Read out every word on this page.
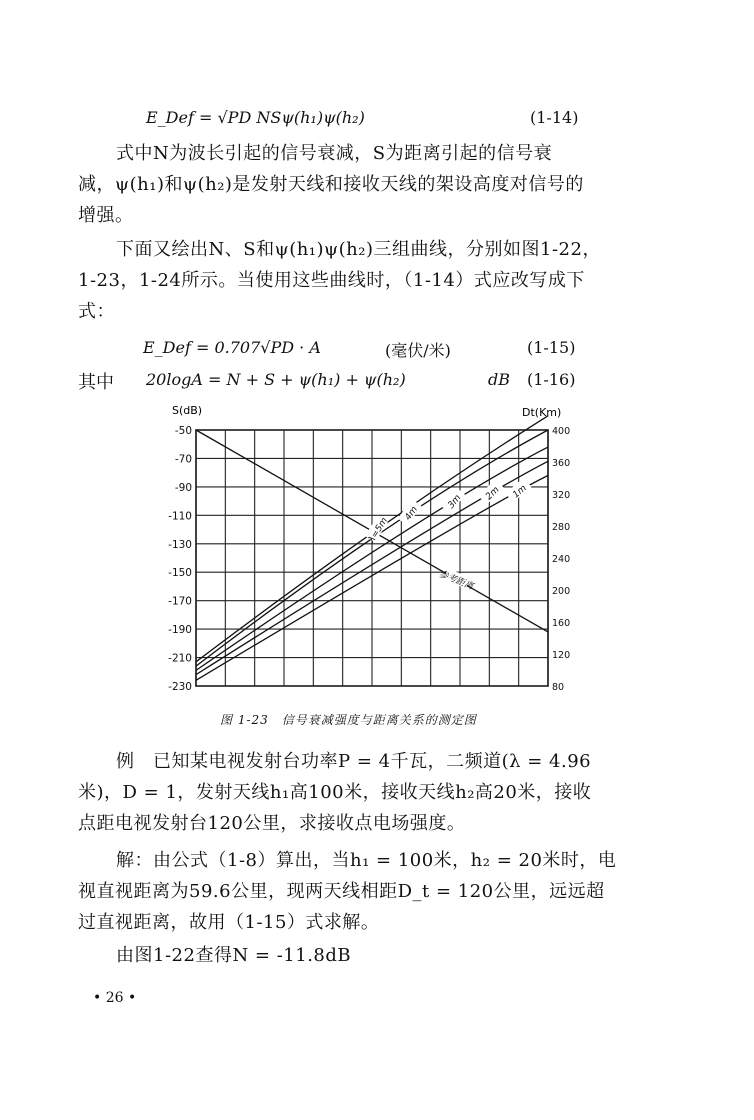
E_Def = √PD NSψ(h₁)ψ(h₂)	(1-14)
式中N为波长引起的信号衰减，S为距离引起的信号衰
减，ψ(h₁)和ψ(h₂)是发射天线和接收天线的架设高度对信号的
增强。
下面又绘出N、S和ψ(h₁)ψ(h₂)三组曲线，分别如图1-22，
1-23，1-24所示。当使用这些曲线时，（1-14）式应改写成下
式：
E_Def = 0.707√PD · A	(毫伏/米)	(1-15)
其中 20logA = N + S + ψ(h₁) + ψ(h₂)	dB (1-16)
S(dB)	Dt(Km)
-50
-70
-90
-110
-130
-150
-170
-190
-210
-230
400
360
320
280
240
200
160
120
80
λ=5m
4m
3m 2m 1m
参考距离
图 1-23　信号衰减强度与距离关系的测定图
例　已知某电视发射台功率P = 4千瓦，二频道(λ = 4.96
米)，D = 1，发射天线h₁高100米，接收天线h₂高20米，接收
点距电视发射台120公里，求接收点电场强度。
解：由公式（1-8）算出，当h₁ = 100米，h₂ = 20米时，电
视直视距离为59.6公里，现两天线相距D_t = 120公里，远远超
过直视距离，故用（1-15）式求解。
由图1-22查得N = -11.8dB
• 26 •
